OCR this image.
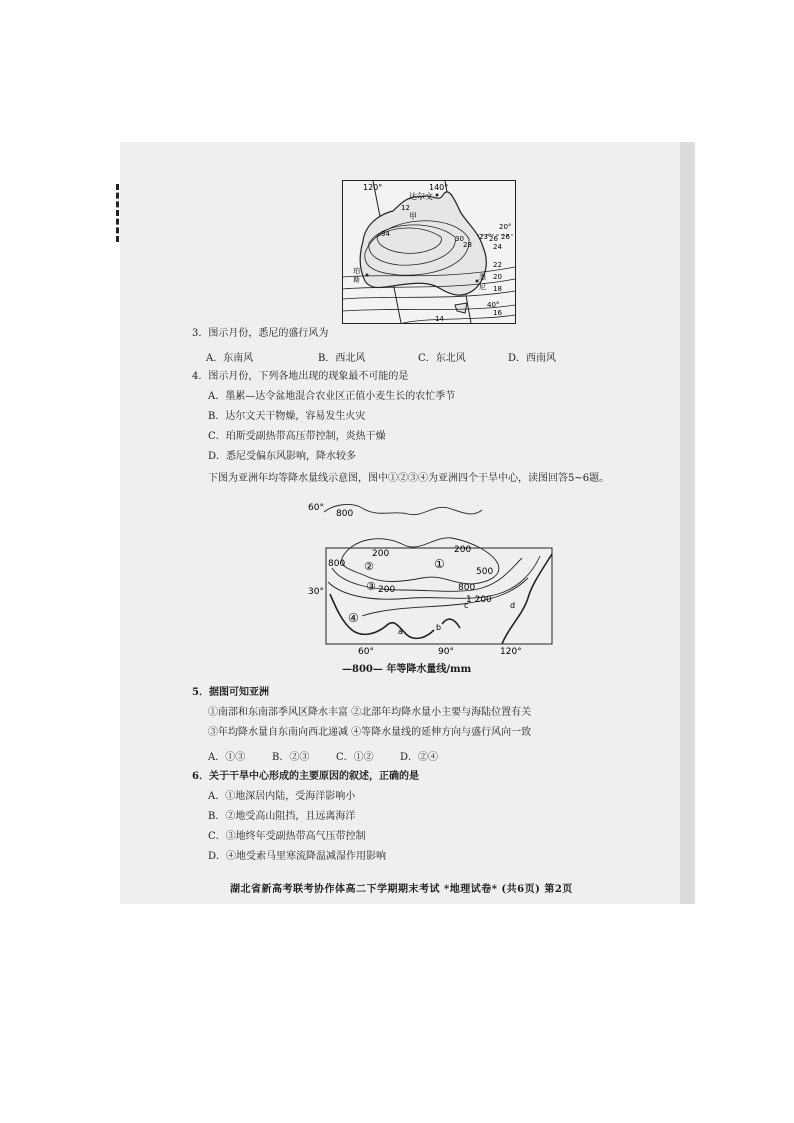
120°	140°
达尔文
12
甲
34
30
28
23°
26
20°
26
24
22
20
18
40°
16
14
珀
斯	悉
尼
3．图示月份，悉尼的盛行风为
A．东南风	B．西北风	C．东北风	D．西南风
4．图示月份，下列各地出现的现象最不可能的是
A．墨累—达令盆地混合农业区正值小麦生长的农忙季节
B．达尔文天干物燥，容易发生火灾
C．珀斯受副热带高压带控制，炎热干燥
D．悉尼受偏东风影响，降水较多
下图为亚洲年均等降水量线示意图，图中①②③④为亚洲四个干旱中心，读图回答5~6题。
①
②
③
④
60°
800
200	200
800
500
800
200
1 200
30°
a	b
c	d
60°	90°	120°
—800— 年等降水量线/mm
5．据图可知亚洲
①南部和东南部季风区降水丰富 ②北部年均降水量小主要与海陆位置有关
③年均降水量自东南向西北递减 ④等降水量线的延伸方向与盛行风向一致
A．①③	B．②③	C．①②	D．②④
6．关于干旱中心形成的主要原因的叙述，正确的是
A．①地深居内陆，受海洋影响小
B．②地受高山阻挡，且远离海洋
C．③地终年受副热带高气压带控制
D．④地受索马里寒流降温减湿作用影响
湖北省新高考联考协作体高二下学期期末考试 *地理试卷* (共6页) 第2页
